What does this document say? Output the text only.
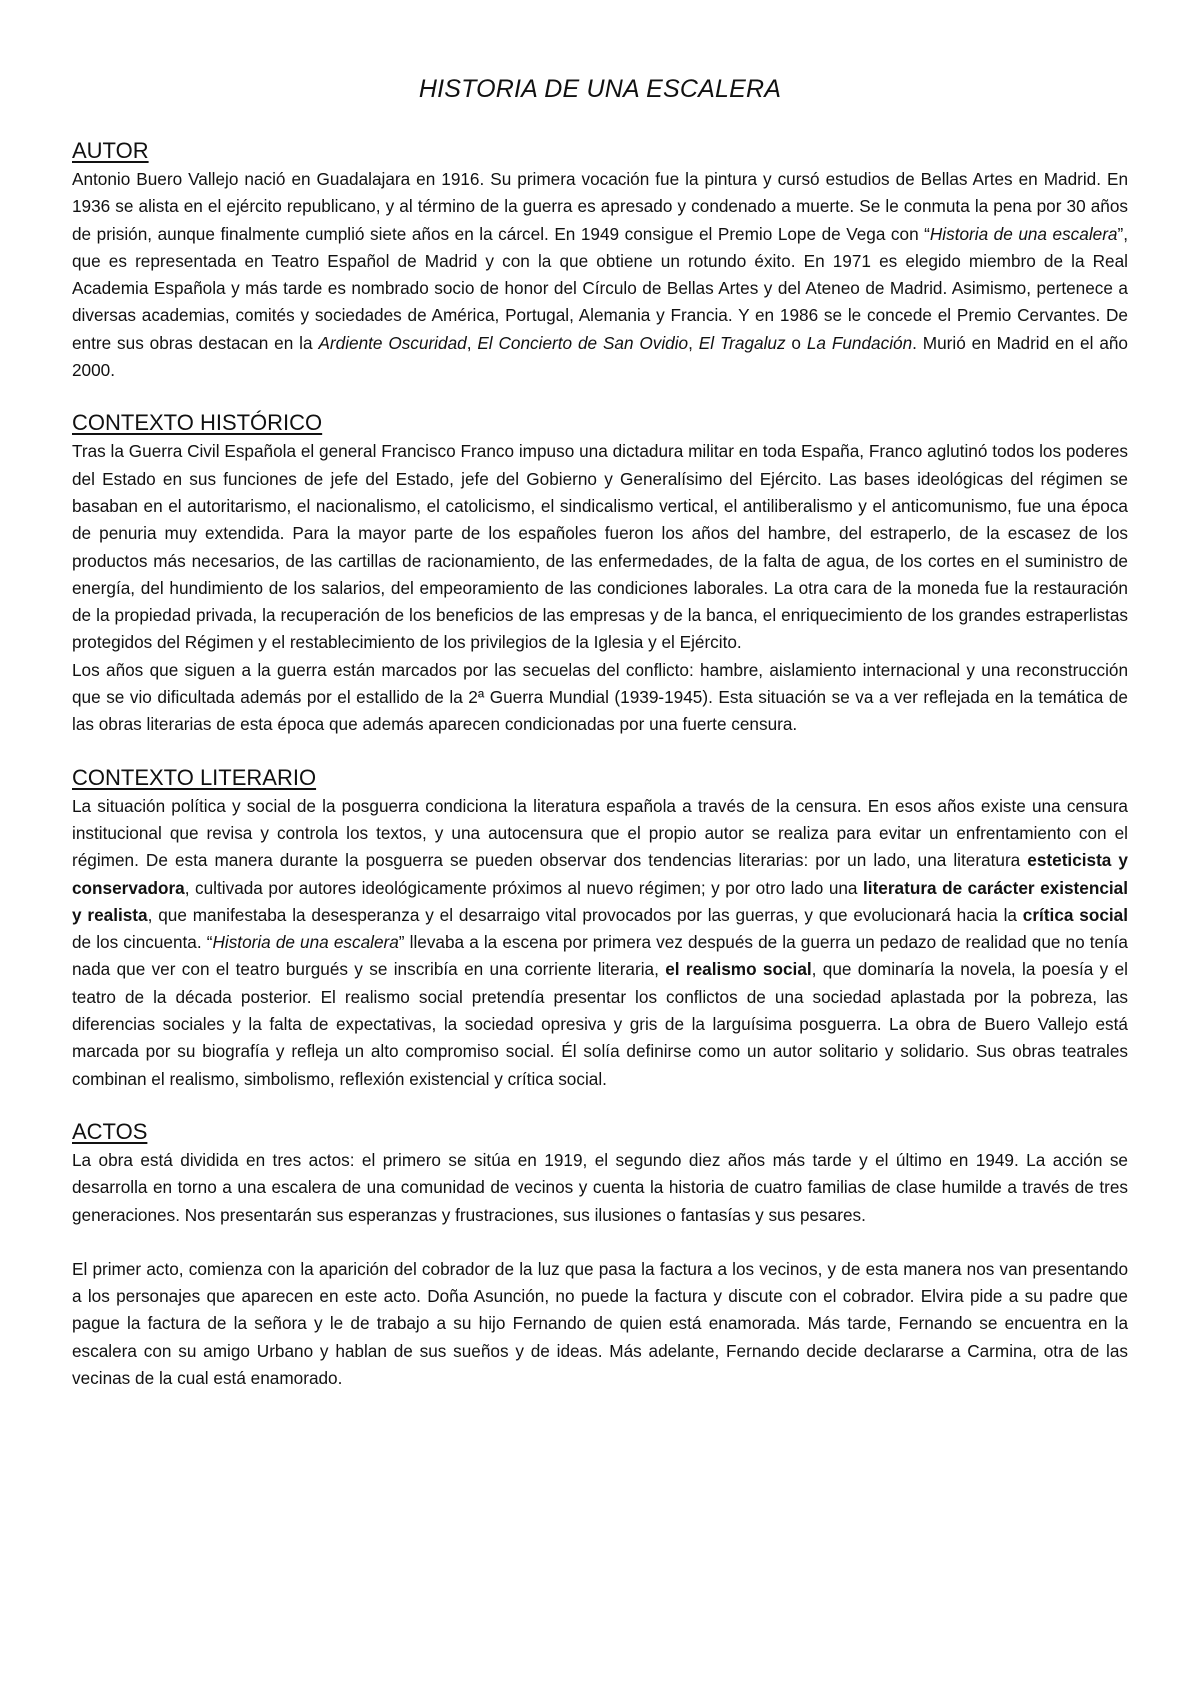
HISTORIA DE UNA ESCALERA
AUTOR

Antonio Buero Vallejo nació en Guadalajara en 1916. Su primera vocación fue la pintura y cursó estudios de Bellas Artes en Madrid. En 1936 se alista en el ejército republicano, y al término de la guerra es apresado y condenado a muerte. Se le conmuta la pena por 30 años de prisión, aunque finalmente cumplió siete años en la cárcel. En 1949 consigue el Premio Lope de Vega con “Historia de una escalera”, que es representada en Teatro Español de Madrid y con la que obtiene un rotundo éxito. En 1971 es elegido miembro de la Real Academia Española y más tarde es nombrado socio de honor del Círculo de Bellas Artes y del Ateneo de Madrid. Asimismo, pertenece a diversas academias, comités y sociedades de América, Portugal, Alemania y Francia. Y en 1986 se le concede el Premio Cervantes. De entre sus obras destacan en la Ardiente Oscuridad, El Concierto de San Ovidio, El Tragaluz o La Fundación. Murió en Madrid en el año 2000.

CONTEXTO HISTÓRICO

Tras la Guerra Civil Española el general Francisco Franco impuso una dictadura militar en toda España, Franco aglutinó todos los poderes del Estado en sus funciones de jefe del Estado, jefe del Gobierno y Generalísimo del Ejército. Las bases ideológicas del régimen se basaban en el autoritarismo, el nacionalismo, el catolicismo, el sindicalismo vertical, el antiliberalismo y el anticomunismo, fue una época de penuria muy extendida. Para la mayor parte de los españoles fueron los años del hambre, del estraperlo, de la escasez de los productos más necesarios, de las cartillas de racionamiento, de las enfermedades, de la falta de agua, de los cortes en el suministro de energía, del hundimiento de los salarios, del empeoramiento de las condiciones laborales. La otra cara de la moneda fue la restauración de la propiedad privada, la recuperación de los beneficios de las empresas y de la banca, el enriquecimiento de los grandes estraperlistas protegidos del Régimen y el restablecimiento de los privilegios de la Iglesia y el Ejército.

Los años que siguen a la guerra están marcados por las secuelas del conflicto: hambre, aislamiento internacional y una reconstrucción que se vio dificultada además por el estallido de la 2ª Guerra Mundial (1939-1945). Esta situación se va a ver reflejada en la temática de las obras literarias de esta época que además aparecen condicionadas por una fuerte censura.

CONTEXTO LITERARIO

La situación política y social de la posguerra condiciona la literatura española a través de la censura. En esos años existe una censura institucional que revisa y controla los textos, y una autocensura que el propio autor se realiza para evitar un enfrentamiento con el régimen. De esta manera durante la posguerra se pueden observar dos tendencias literarias: por un lado, una literatura esteticista y conservadora, cultivada por autores ideológicamente próximos al nuevo régimen; y por otro lado una literatura de carácter existencial y realista, que manifestaba la desesperanza y el desarraigo vital provocados por las guerras, y que evolucionará hacia la crítica social de los cincuenta. “Historia de una escalera” llevaba a la escena por primera vez después de la guerra un pedazo de realidad que no tenía nada que ver con el teatro burgués y se inscribía en una corriente literaria, el realismo social, que dominaría la novela, la poesía y el teatro de la década posterior. El realismo social pretendía presentar los conflictos de una sociedad aplastada por la pobreza, las diferencias sociales y la falta de expectativas, la sociedad opresiva y gris de la larguísima posguerra. La obra de Buero Vallejo está marcada por su biografía y refleja un alto compromiso social. Él solía definirse como un autor solitario y solidario. Sus obras teatrales combinan el realismo, simbolismo, reflexión existencial y crítica social.

ACTOS

La obra está dividida en tres actos: el primero se sitúa en 1919, el segundo diez años más tarde y el último en 1949. La acción se desarrolla en torno a una escalera de una comunidad de vecinos y cuenta la historia de cuatro familias de clase humilde a través de tres generaciones. Nos presentarán sus esperanzas y frustraciones, sus ilusiones o fantasías y sus pesares.

El primer acto, comienza con la aparición del cobrador de la luz que pasa la factura a los vecinos, y de esta manera nos van presentando a los personajes que aparecen en este acto. Doña Asunción, no puede la factura y discute con el cobrador. Elvira pide a su padre que pague la factura de la señora y le de trabajo a su hijo Fernando de quien está enamorada. Más tarde, Fernando se encuentra en la escalera con su amigo Urbano y hablan de sus sueños y de ideas. Más adelante, Fernando decide declararse a Carmina, otra de las vecinas de la cual está enamorado.
